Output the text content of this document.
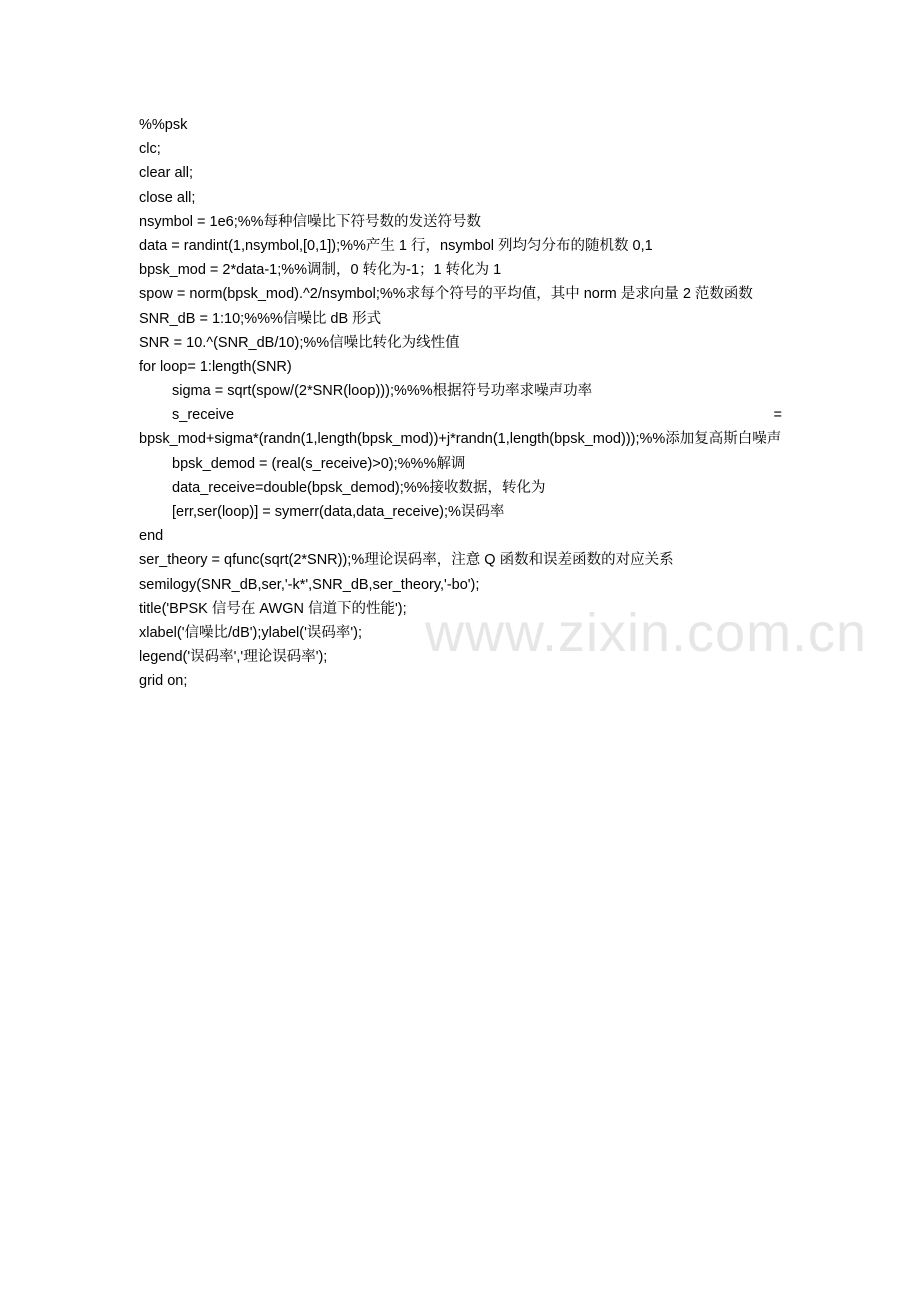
www.zixin.com.cn
%%psk
clc;
clear all;
close all;
nsymbol = 1e6;%%每种信噪比下符号数的发送符号数
data = randint(1,nsymbol,[0,1]);%%产生 1 行，nsymbol 列均匀分布的随机数 0,1
bpsk_mod = 2*data-1;%%调制，0 转化为-1；1 转化为 1
spow = norm(bpsk_mod).^2/nsymbol;%%求每个符号的平均值，其中 norm 是求向量 2 范数函数
SNR_dB = 1:10;%%%信噪比 dB 形式
SNR = 10.^(SNR_dB/10);%%信噪比转化为线性值
for loop= 1:length(SNR)
sigma = sqrt(spow/(2*SNR(loop)));%%%根据符号功率求噪声功率
s_receive	=
bpsk_mod+sigma*(randn(1,length(bpsk_mod))+j*randn(1,length(bpsk_mod)));%%添加复高斯白噪声
bpsk_demod = (real(s_receive)>0);%%%解调
data_receive=double(bpsk_demod);%%接收数据，转化为
[err,ser(loop)] = symerr(data,data_receive);%误码率
end
ser_theory = qfunc(sqrt(2*SNR));%理论误码率，注意 Q 函数和误差函数的对应关系
semilogy(SNR_dB,ser,'-k*',SNR_dB,ser_theory,'-bo');
title('BPSK 信号在 AWGN 信道下的性能');
xlabel('信噪比/dB');ylabel('误码率');
legend('误码率','理论误码率');
grid on;
